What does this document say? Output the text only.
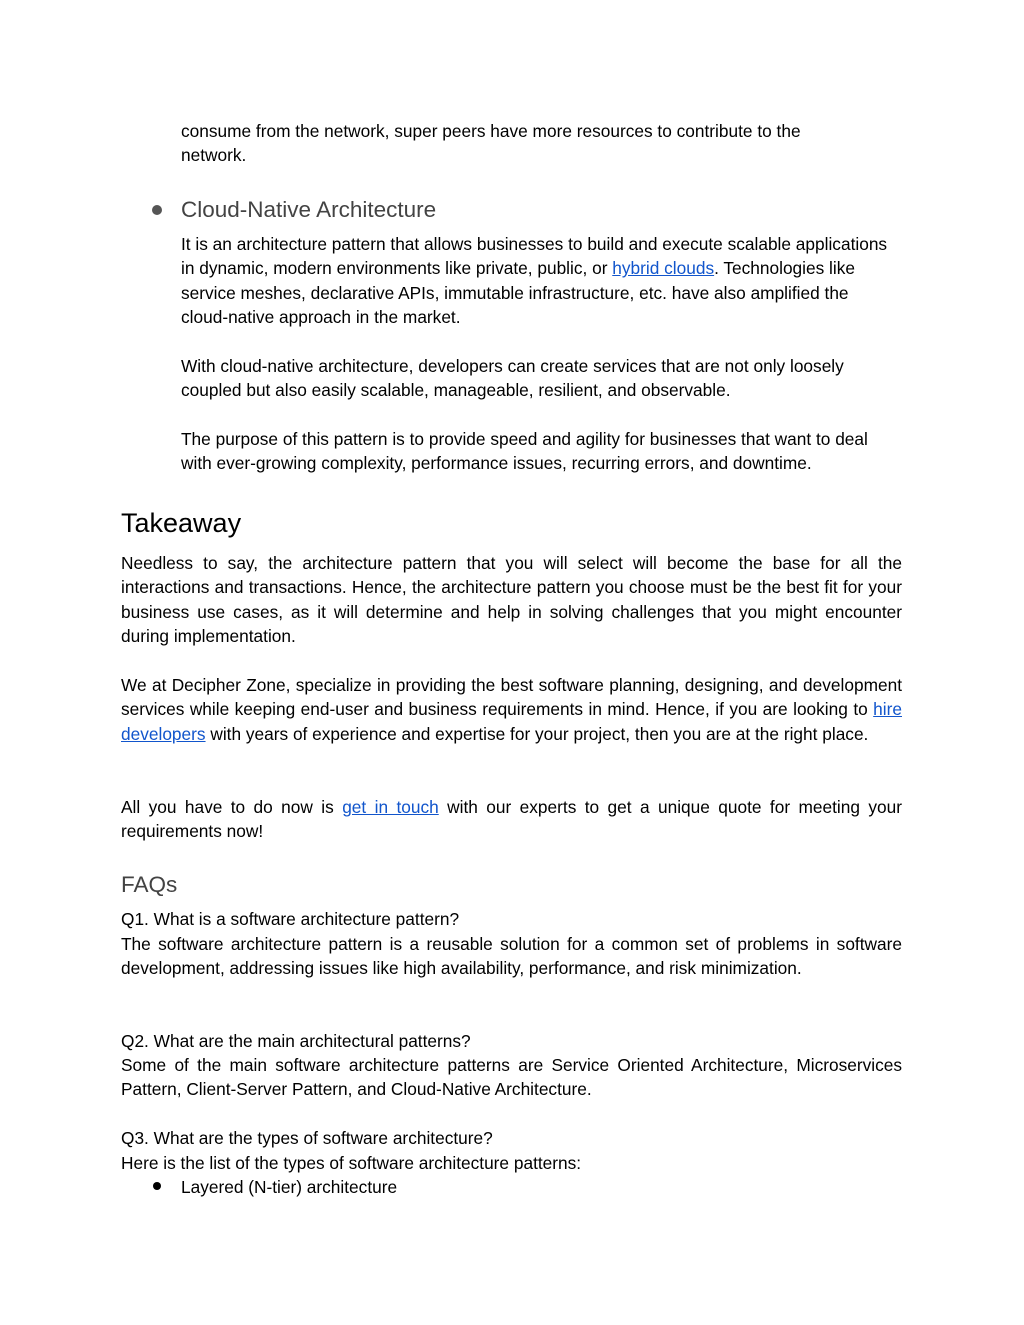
consume from the network, super peers have more resources to contribute to the
network.
Cloud-Native Architecture

It is an architecture pattern that allows businesses to build and execute scalable applications in dynamic, modern environments like private, public, or hybrid clouds. Technologies like service meshes, declarative APIs, immutable infrastructure, etc. have also amplified the cloud-native approach in the market.

With cloud-native architecture, developers can create services that are not only loosely coupled but also easily scalable, manageable, resilient, and observable.

The purpose of this pattern is to provide speed and agility for businesses that want to deal with ever-growing complexity, performance issues, recurring errors, and downtime.

Takeaway

Needless to say, the architecture pattern that you will select will become the base for all the interactions and transactions. Hence, the architecture pattern you choose must be the best fit for your business use cases, as it will determine and help in solving challenges that you might encounter during implementation.

We at Decipher Zone, specialize in providing the best software planning, designing, and development services while keeping end-user and business requirements in mind. Hence, if you are looking to hire developers with years of experience and expertise for your project, then you are at the right place.

All you have to do now is get in touch with our experts to get a unique quote for meeting your requirements now!

FAQs
Q1. What is a software architecture pattern?

The software architecture pattern is a reusable solution for a common set of problems in software development, addressing issues like high availability, performance, and risk minimization.

Q2. What are the main architectural patterns?

Some of the main software architecture patterns are Service Oriented Architecture, Microservices Pattern, Client-Server Pattern, and Cloud-Native Architecture.

Q3. What are the types of software architecture?
Here is the list of the types of software architecture patterns:
Layered (N-tier) architecture
